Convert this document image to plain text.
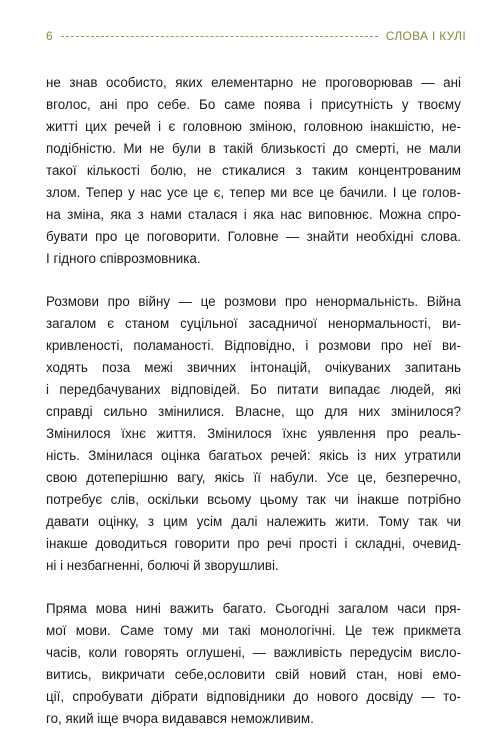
6	СЛОВА І КУЛІ
не знав особисто, яких елементарно не проговорював — ані
вголос, ані про себе. Бо саме поява і присутність у твоєму
житті цих речей і є головною зміною, головною інакшістю, не-
подібністю. Ми не були в такій близькості до смерті, не мали
такої кількості болю, не стикалися з таким концентрованим
злом. Тепер у нас усе це є, тепер ми все це бачили. І це голов-
на зміна, яка з нами сталася і яка нас виповнює. Можна спро-
бувати про це поговорити. Головне — знайти необхідні слова.
І гідного співрозмовника.
Розмови про війну — це розмови про ненормальність. Війна
загалом є станом суцільної засадничої ненормальності, ви-
кривленості, поламаності. Відповідно, і розмови про неї ви-
ходять поза межі звичних інтонацій, очікуваних запитань
і передбачуваних відповідей. Бо питати випадає людей, які
справді сильно змінилися. Власне, що для них змінилося?
Змінилося їхнє життя. Змінилося їхнє уявлення про реаль-
ність. Змінилася оцінка багатьох речей: якісь із них утратили
свою дотеперішню вагу, якісь її набули. Усе це, безперечно,
потребує слів, оскільки всьому цьому так чи інакше потрібно
давати оцінку, з цим усім далі належить жити. Тому так чи
інакше доводиться говорити про речі прості і складні, очевид-
ні і незбагненні, болючі й зворушливі.
Пряма мова нині важить багато. Сьогодні загалом часи пря-
мої мови. Саме тому ми такі монологічні. Це теж прикмета
часів, коли говорять оглушені, — важливість передусім висло-
витись, викричати себе,ословити свій новий стан, нові емо-
ції, спробувати дібрати відповідники до нового досвіду — то-
го, який іще вчора видавався неможливим.
